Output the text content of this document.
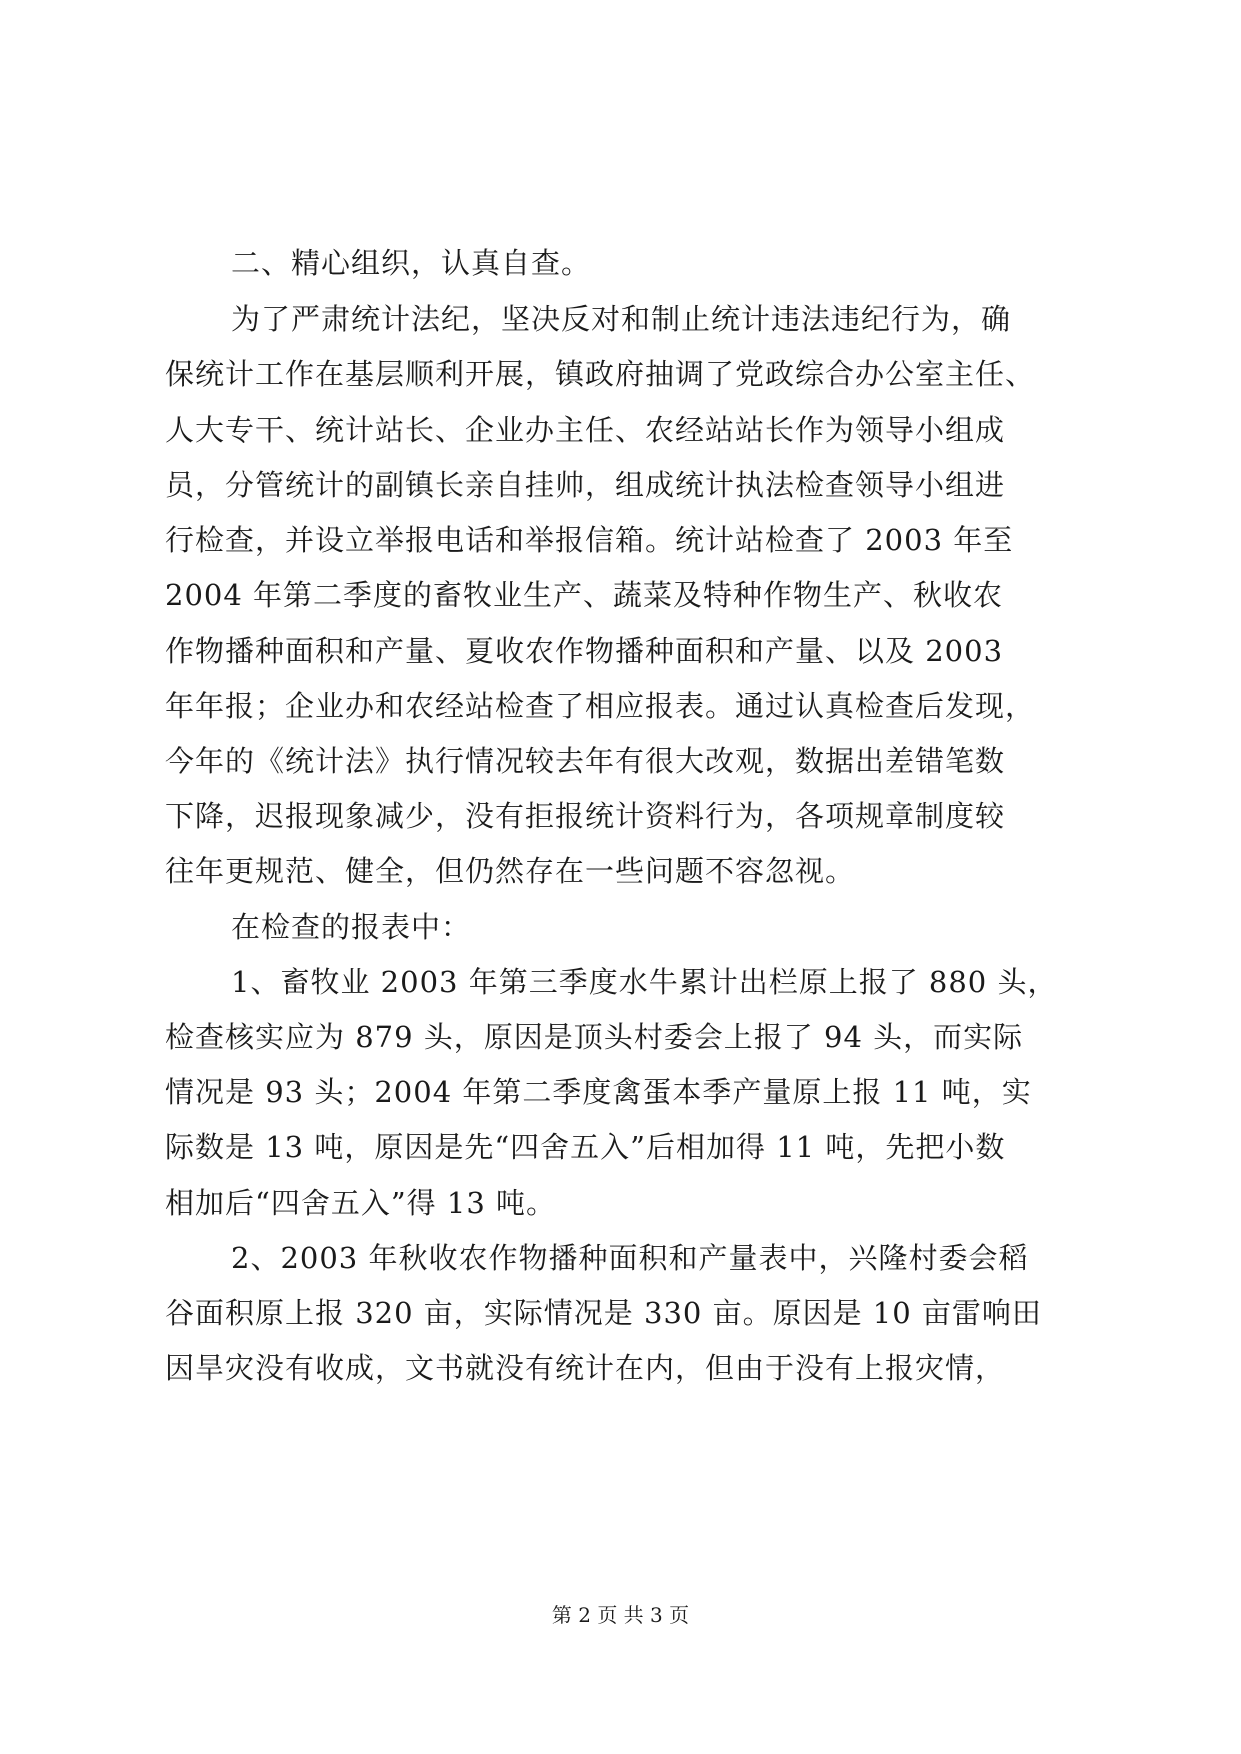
二、精心组织，认真自查。
为了严肃统计法纪，坚决反对和制止统计违法违纪行为，确
保统计工作在基层顺利开展，镇政府抽调了党政综合办公室主任、
人大专干、统计站长、企业办主任、农经站站长作为领导小组成
员，分管统计的副镇长亲自挂帅，组成统计执法检查领导小组进
行检查，并设立举报电话和举报信箱。统计站检查了 2003 年至
2004 年第二季度的畜牧业生产、蔬菜及特种作物生产、秋收农
作物播种面积和产量、夏收农作物播种面积和产量、以及 2003
年年报；企业办和农经站检查了相应报表。通过认真检查后发现，
今年的《统计法》执行情况较去年有很大改观，数据出差错笔数
下降，迟报现象减少，没有拒报统计资料行为，各项规章制度较
往年更规范、健全，但仍然存在一些问题不容忽视。
在检查的报表中：
1、畜牧业 2003 年第三季度水牛累计出栏原上报了 880 头，
检查核实应为 879 头，原因是顶头村委会上报了 94 头，而实际
情况是 93 头；2004 年第二季度禽蛋本季产量原上报 11 吨，实
际数是 13 吨，原因是先“四舍五入”后相加得 11 吨，先把小数
相加后“四舍五入”得 13 吨。
2、2003 年秋收农作物播种面积和产量表中，兴隆村委会稻
谷面积原上报 320 亩，实际情况是 330 亩。原因是 10 亩雷响田
因旱灾没有收成，文书就没有统计在内，但由于没有上报灾情，
第 2 页 共 3 页
